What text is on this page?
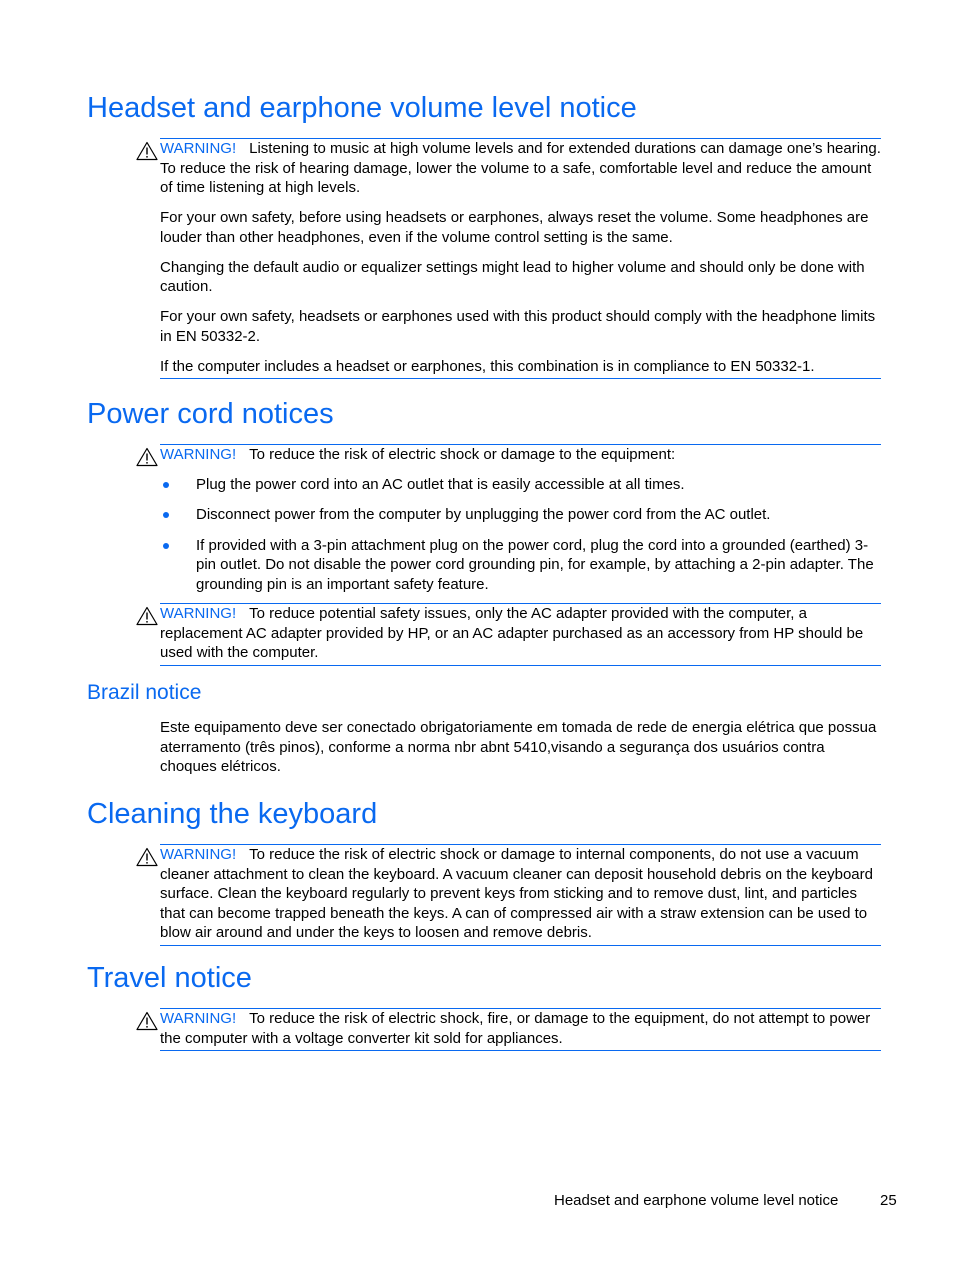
Headset and earphone volume level notice

WARNING! Listening to music at high volume levels and for extended durations can damage one’s hearing. To reduce the risk of hearing damage, lower the volume to a safe, comfortable level and reduce the amount of time listening at high levels.

For your own safety, before using headsets or earphones, always reset the volume. Some headphones are louder than other headphones, even if the volume control setting is the same.

Changing the default audio or equalizer settings might lead to higher volume and should only be done with caution.

For your own safety, headsets or earphones used with this product should comply with the headphone limits in EN 50332-2.

If the computer includes a headset or earphones, this combination is in compliance to EN 50332-1.

Power cord notices

WARNING! To reduce the risk of electric shock or damage to the equipment:

Plug the power cord into an AC outlet that is easily accessible at all times.
Disconnect power from the computer by unplugging the power cord from the AC outlet.
If provided with a 3-pin attachment plug on the power cord, plug the cord into a grounded (earthed) 3-pin outlet. Do not disable the power cord grounding pin, for example, by attaching a 2-pin adapter. The grounding pin is an important safety feature.

WARNING! To reduce potential safety issues, only the AC adapter provided with the computer, a replacement AC adapter provided by HP, or an AC adapter purchased as an accessory from HP should be used with the computer.

Brazil notice

Este equipamento deve ser conectado obrigatoriamente em tomada de rede de energia elétrica que possua aterramento (três pinos), conforme a norma nbr abnt 5410,visando a segurança dos usuários contra choques elétricos.

Cleaning the keyboard

WARNING! To reduce the risk of electric shock or damage to internal components, do not use a vacuum cleaner attachment to clean the keyboard. A vacuum cleaner can deposit household debris on the keyboard surface. Clean the keyboard regularly to prevent keys from sticking and to remove dust, lint, and particles that can become trapped beneath the keys. A can of compressed air with a straw extension can be used to blow air around and under the keys to loosen and remove debris.

Travel notice

WARNING! To reduce the risk of electric shock, fire, or damage to the equipment, do not attempt to power the computer with a voltage converter kit sold for appliances.

Headset and earphone volume level notice	25
